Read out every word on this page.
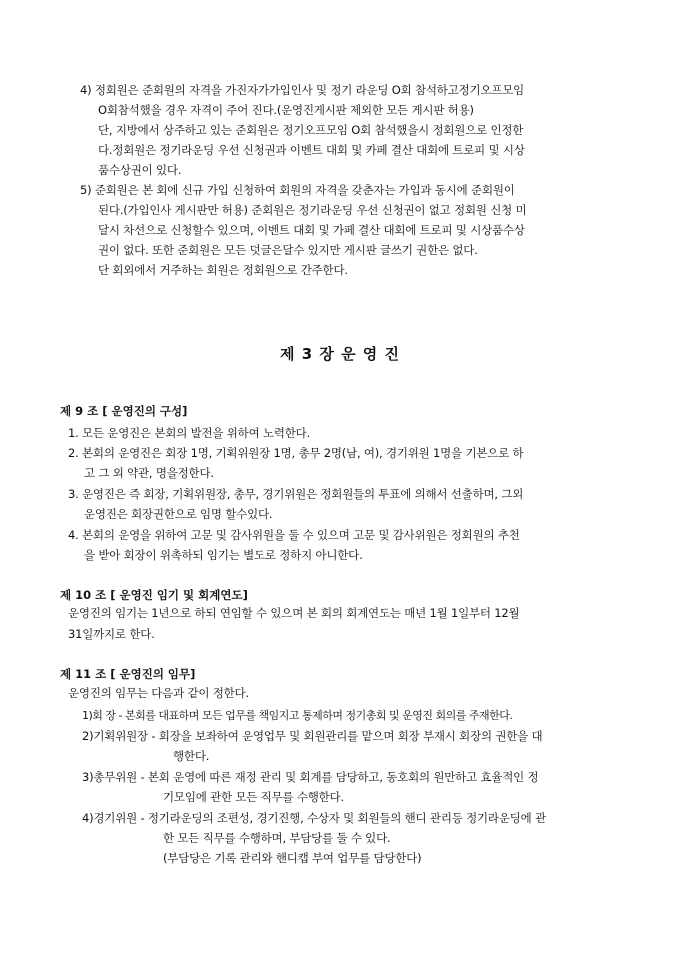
4) 정회원은 준회원의 자격을 가진자가가입인사 및 정기 라운딩 O회 참석하고정기오프모임
O회참석했을 경우 자격이 주어 진다.(운영진게시판 제외한 모든 게시판 허용)
단, 지방에서 상주하고 있는 준회원은 정기오프모임 O회 참석했을시 정회원으로 인정한
다.정회원은 정기라운딩 우선 신청권과 이벤트 대회 및 카페 결산 대회에 트로피 및 시상
품수상권이 있다.
5) 준회원은 본 회에 신규 가입 신청하여 회원의 자격을 갖춘자는 가입과 동시에 준회원이
된다.(가입인사 게시판만 허용) 준회원은 정기라운딩 우선 신청권이 없고 정회원 신청 미
달시 차선으로 신청할수 있으며, 이벤트 대회 및 가페 결산 대회에 트로피 및 시상품수상
권이 없다. 또한 준회원은 모든 덧글은달수 있지만 게시판 글쓰기 권한은 없다.
단 회외에서 거주하는 회원은 정회원으로 간주한다.
제 3 장 운 영 진
제 9 조 [ 운영진의 구성]
1. 모든 운영진은 본회의 발전을 위하여 노력한다.
2. 본회의 운영진은 회장 1명, 기획위원장 1명, 총무 2명(남, 여), 경기위원 1명을 기본으로 하
고 그 외 약관, 명을정한다.
3. 운영진은 즉 회장, 기획위원장, 총무, 경기위원은 정회원들의 투표에 의해서 선출하며, 그외
운영진은 회장권한으로 임명 할수있다.
4. 본회의 운영을 위하여 고문 및 감사위원을 둘 수 있으며 고문 및 감사위원은 정회원의 추천
을 받아 회장이 위촉하되 임기는 별도로 정하지 아니한다.
제 10 조 [ 운영진 임기 및 회계연도]
운영진의 임기는 1년으로 하되 연임할 수 있으며 본 회의 회계연도는 매년 1월 1일부터 12월
31일까지로 한다.
제 11 조 [ 운영진의 임무]
운영진의 임무는 다음과 같이 정한다.
1)회 장 - 본회를 대표하며 모든 업무를 책임지고 통제하며 정기총회 및 운영진 회의를 주재한다.
2)기획위원장 - 회장을 보좌하여 운영업무 및 회원관리를 맡으며 회장 부재시 회장의 권한을 대
행한다.
3)총무위원 - 본회 운영에 따른 재정 관리 및 회계를 담당하고, 동호회의 원만하고 효율적인 정
기모임에 관한 모든 직무를 수행한다.
4)경기위원 - 정기라운딩의 조편성, 경기진행, 수상자 및 회원들의 핸디 관리등 정기라운딩에 관
한 모든 직무를 수행하며, 부담당를 둘 수 있다.
(부담당은 기록 관리와 핸디캡 부여 업무를 담당한다)
